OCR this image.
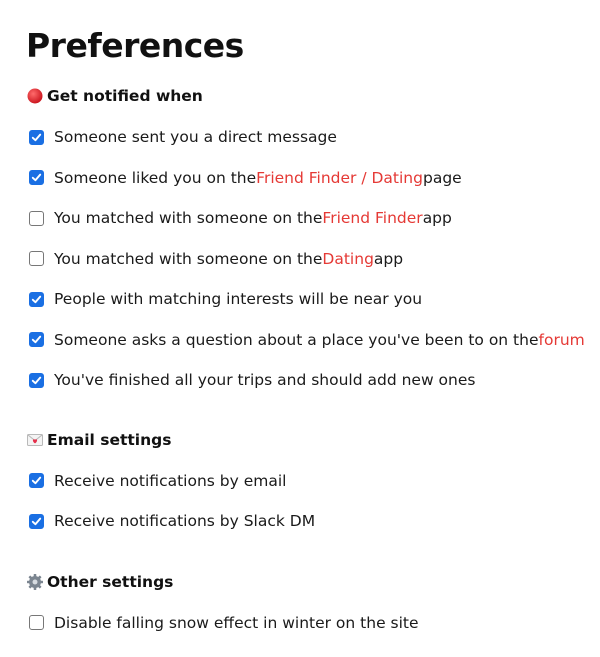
Preferences
Get notified when
Someone sent you a direct message
Someone liked you on theFriend Finder / Datingpage
You matched with someone on theFriend Finderapp
You matched with someone on theDatingapp
People with matching interests will be near you
Someone asks a question about a place you've been to on theforum
You've finished all your trips and should add new ones
Email settings
Receive notifications by email
Receive notifications by Slack DM
Other settings
Disable falling snow effect in winter on the site
